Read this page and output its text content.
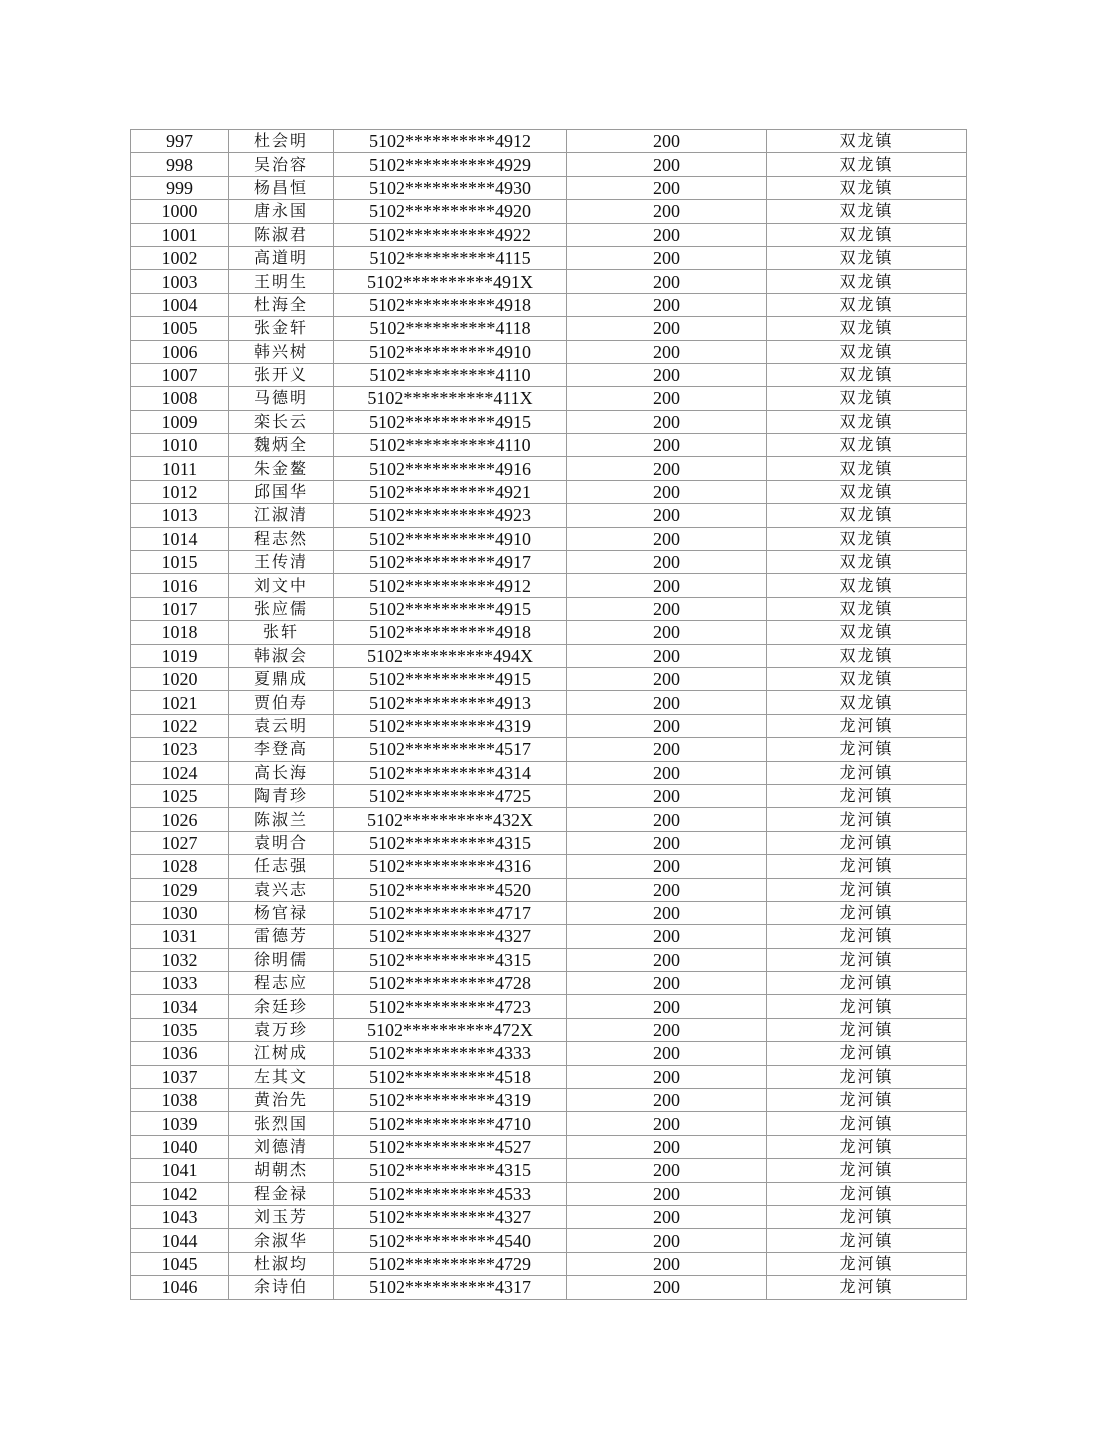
997	杜会明	5102**********4912	200	双龙镇
998	吴治容	5102**********4929	200	双龙镇
999	杨昌恒	5102**********4930	200	双龙镇
1000	唐永国	5102**********4920	200	双龙镇
1001	陈淑君	5102**********4922	200	双龙镇
1002	高道明	5102**********4115	200	双龙镇
1003	王明生	5102**********491X	200	双龙镇
1004	杜海全	5102**********4918	200	双龙镇
1005	张金轩	5102**********4118	200	双龙镇
1006	韩兴树	5102**********4910	200	双龙镇
1007	张开义	5102**********4110	200	双龙镇
1008	马德明	5102**********411X	200	双龙镇
1009	栾长云	5102**********4915	200	双龙镇
1010	魏炳全	5102**********4110	200	双龙镇
1011	朱金鳌	5102**********4916	200	双龙镇
1012	邱国华	5102**********4921	200	双龙镇
1013	江淑清	5102**********4923	200	双龙镇
1014	程志然	5102**********4910	200	双龙镇
1015	王传清	5102**********4917	200	双龙镇
1016	刘文中	5102**********4912	200	双龙镇
1017	张应儒	5102**********4915	200	双龙镇
1018	张轩	5102**********4918	200	双龙镇
1019	韩淑会	5102**********494X	200	双龙镇
1020	夏鼎成	5102**********4915	200	双龙镇
1021	贾伯寿	5102**********4913	200	双龙镇
1022	袁云明	5102**********4319	200	龙河镇
1023	李登高	5102**********4517	200	龙河镇
1024	高长海	5102**********4314	200	龙河镇
1025	陶青珍	5102**********4725	200	龙河镇
1026	陈淑兰	5102**********432X	200	龙河镇
1027	袁明合	5102**********4315	200	龙河镇
1028	任志强	5102**********4316	200	龙河镇
1029	袁兴志	5102**********4520	200	龙河镇
1030	杨官禄	5102**********4717	200	龙河镇
1031	雷德芳	5102**********4327	200	龙河镇
1032	徐明儒	5102**********4315	200	龙河镇
1033	程志应	5102**********4728	200	龙河镇
1034	余廷珍	5102**********4723	200	龙河镇
1035	袁万珍	5102**********472X	200	龙河镇
1036	江树成	5102**********4333	200	龙河镇
1037	左其文	5102**********4518	200	龙河镇
1038	黄治先	5102**********4319	200	龙河镇
1039	张烈国	5102**********4710	200	龙河镇
1040	刘德清	5102**********4527	200	龙河镇
1041	胡朝杰	5102**********4315	200	龙河镇
1042	程金禄	5102**********4533	200	龙河镇
1043	刘玉芳	5102**********4327	200	龙河镇
1044	余淑华	5102**********4540	200	龙河镇
1045	杜淑均	5102**********4729	200	龙河镇
1046	余诗伯	5102**********4317	200	龙河镇
